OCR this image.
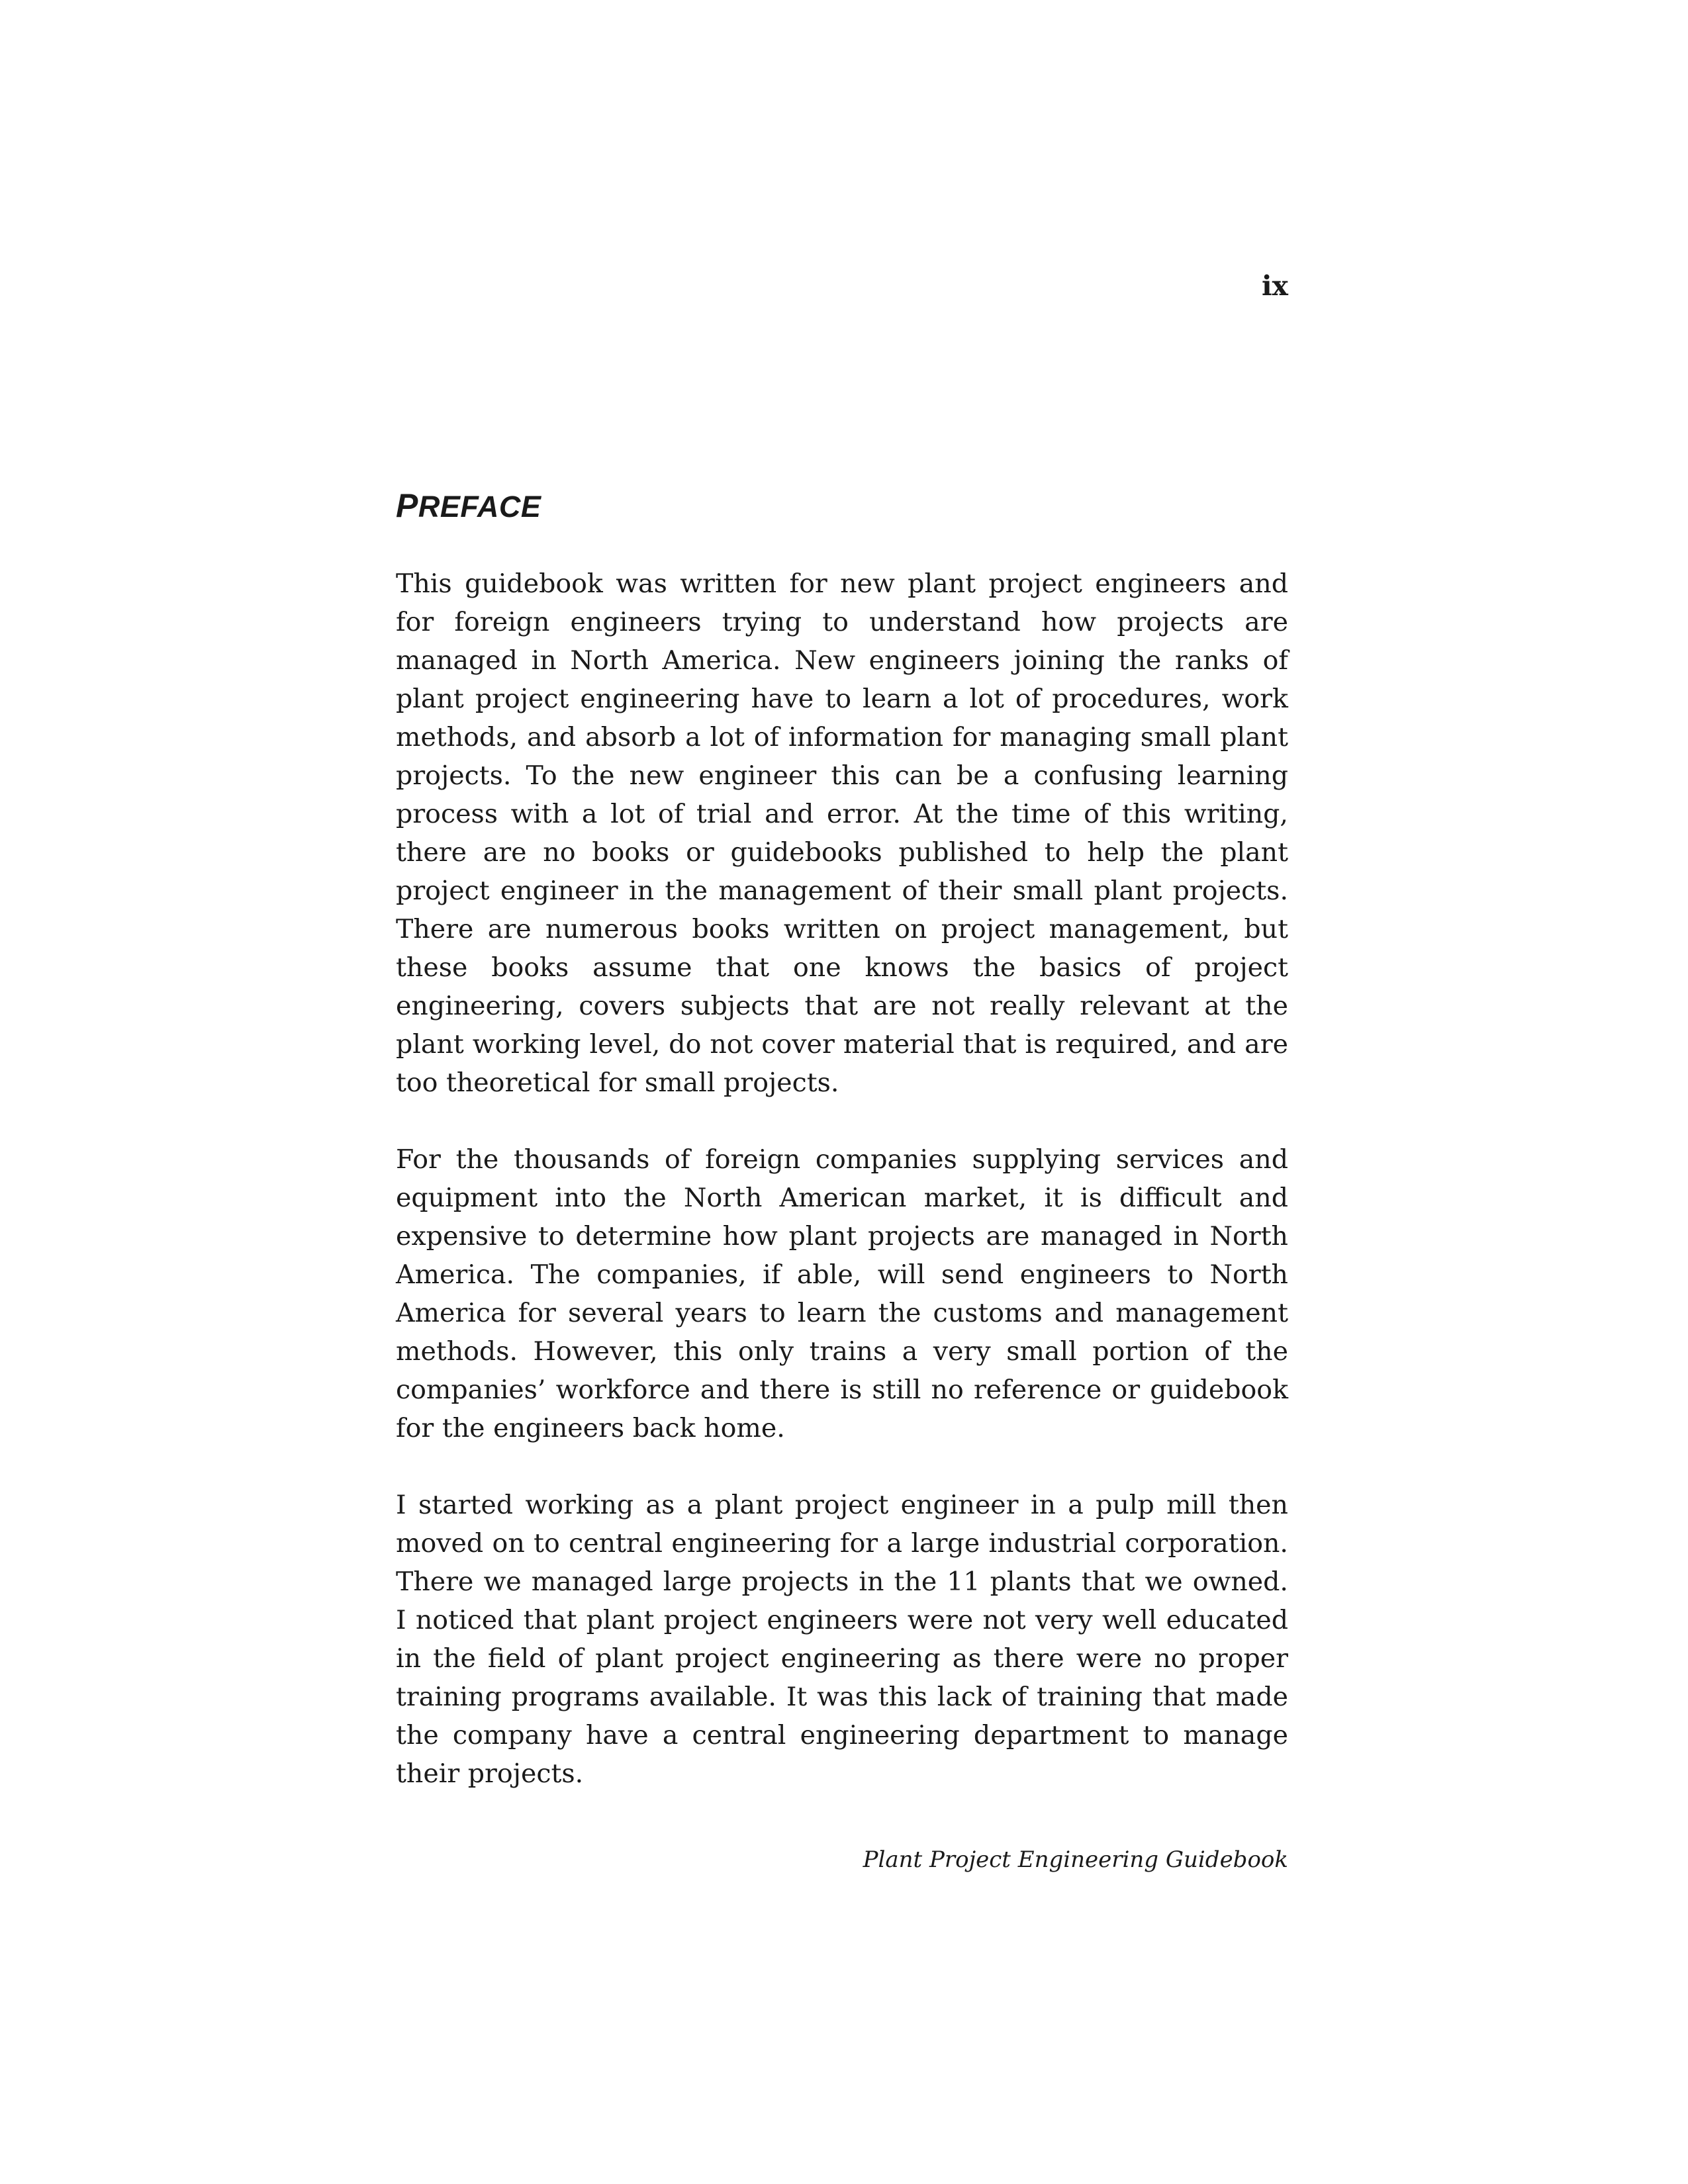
ix

PREFACE

This guidebook was written for new plant project engineers and for foreign engineers trying to understand how projects are managed in North America. New engineers joining the ranks of plant project engineering have to learn a lot of procedures, work methods, and absorb a lot of information for managing small plant projects. To the new engineer this can be a confusing learning process with a lot of trial and error. At the time of this writing, there are no books or guidebooks published to help the plant project engineer in the management of their small plant projects. There are numerous books written on project management, but these books assume that one knows the basics of project engineering, covers subjects that are not really relevant at the plant working level, do not cover material that is required, and are too theoretical for small projects.

For the thousands of foreign companies supplying services and equipment into the North American market, it is difficult and expensive to determine how plant projects are managed in North America. The companies, if able, will send engineers to North America for several years to learn the customs and management methods. However, this only trains a very small portion of the companies’ workforce and there is still no reference or guidebook for the engineers back home.

I started working as a plant project engineer in a pulp mill then moved on to central engineering for a large industrial corporation. There we managed large projects in the 11 plants that we owned. I noticed that plant project engineers were not very well educated in the field of plant project engineering as there were no proper training programs available. It was this lack of training that made the company have a central engineering department to manage their projects.

Plant Project Engineering Guidebook
